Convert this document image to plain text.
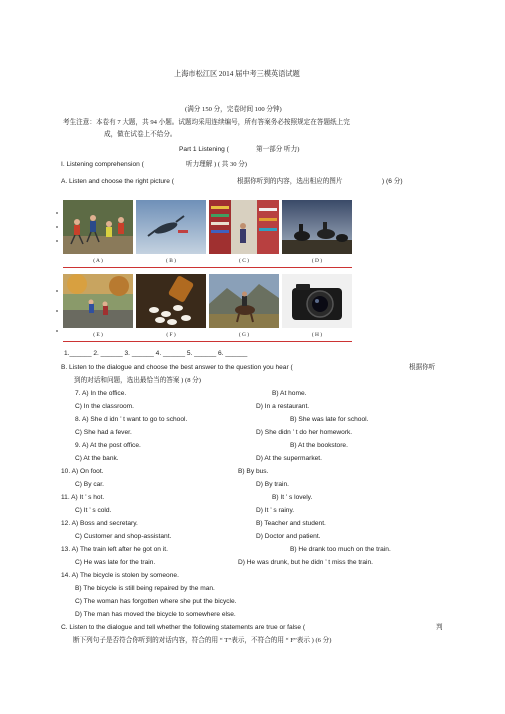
上海市松江区 2014 届中考三模英语试题
(满分 150 分，完卷时间 100 分钟)
考生注意：本卷有 7 大题，共 94 小题。试题均采用连续编号，所有答案务必按照规定在答题纸上完
成，做在试卷上不给分。
Part 1 Listening (	第一部分 听力)
I. Listening comprehension (	听力理解 ) ( 共 30 分)
A. Listen and choose the right picture (	根据你听到的内容，选出相应的图片	) (6 分)
( A )	( B )	( C )	( D )
( E )	( F )	( G )	( H )
1.______ 2. ______ 3. ______ 4. ______ 5. ______ 6. ______
B. Listen to the dialogue and choose the best answer to the question you hear (	根据你听
到的对话和问题，选出最恰当的答案 ) (8 分)
7. A) In the office.	B) At home.
C) In the classroom.	D) In a restaurant.
8. A) She d idn ’ t want to go to school.	B) She was late for school.
C) She had a fever.	D) She didn ’ t do her homework.
9. A) At the post office.	B) At the bookstore.
C) At the bank.	D) At the supermarket.
10. A) On foot.	B) By bus.
C) By car.	D) By train.
11. A) It ’ s hot.	B) It ’ s lovely.
C) It ’ s cold.	D) It ’ s rainy.
12. A) Boss and secretary.	B) Teacher and student.
C) Customer and shop-assistant.	D) Doctor and patient.
13. A) The train left after he got on it.	B) He drank too much on the train.
C) He was late for the train.	D) He was drunk, but he didn ’ t miss the train.
14. A) The bicycle is stolen by someone.
B) The bicycle is still being repaired by the man.
C) The woman has forgotten where she put the bicycle.
D) The man has moved the bicycle to somewhere else.
C. Listen to the dialogue and tell whether the following statements are true or false (	判
断下列句子是否符合你听到的对话内容，符合的用 “ T”表示，不符合的用 “ F”表示 ) (6 分)
